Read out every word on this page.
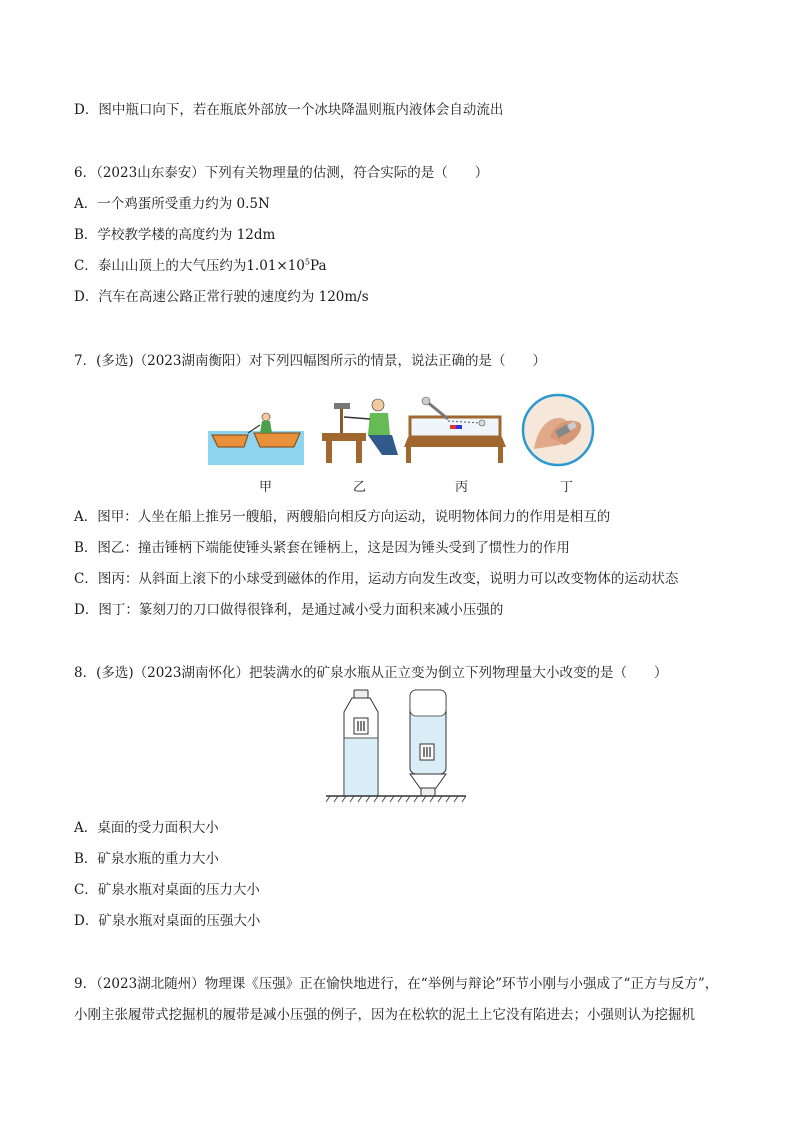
D．图中瓶口向下，若在瓶底外部放一个冰块降温则瓶内液体会自动流出
6．（2023山东泰安）下列有关物理量的估测，符合实际的是（　　）
A．一个鸡蛋所受重力约为 0.5N
B．学校教学楼的高度约为 12dm
C．泰山山顶上的大气压约为$1.01\times 10^5Pa$
D．汽车在高速公路正常行驶的速度约为 120m/s
7．(多选)（2023湖南衡阳）对下列四幅图所示的情景，说法正确的是（　　）
甲	乙	丙	丁
A．图甲：人坐在船上推另一艘船，两艘船向相反方向运动，说明物体间力的作用是相互的
B．图乙：撞击锤柄下端能使锤头紧套在锤柄上，这是因为锤头受到了惯性力的作用
C．图丙：从斜面上滚下的小球受到磁体的作用，运动方向发生改变，说明力可以改变物体的运动状态
D．图丁：篆刻刀的刀口做得很锋利，是通过减小受力面积来减小压强的
8．(多选)（2023湖南怀化）把装满水的矿泉水瓶从正立变为倒立下列物理量大小改变的是（　　）
A．桌面的受力面积大小
B．矿泉水瓶的重力大小
C．矿泉水瓶对桌面的压力大小
D．矿泉水瓶对桌面的压强大小
9．（2023湖北随州）物理课《压强》正在愉快地进行，在“举例与辩论”环节小刚与小强成了“正方与反方”，
小刚主张履带式挖掘机的履带是减小压强的例子，因为在松软的泥土上它没有陷进去；小强则认为挖掘机
